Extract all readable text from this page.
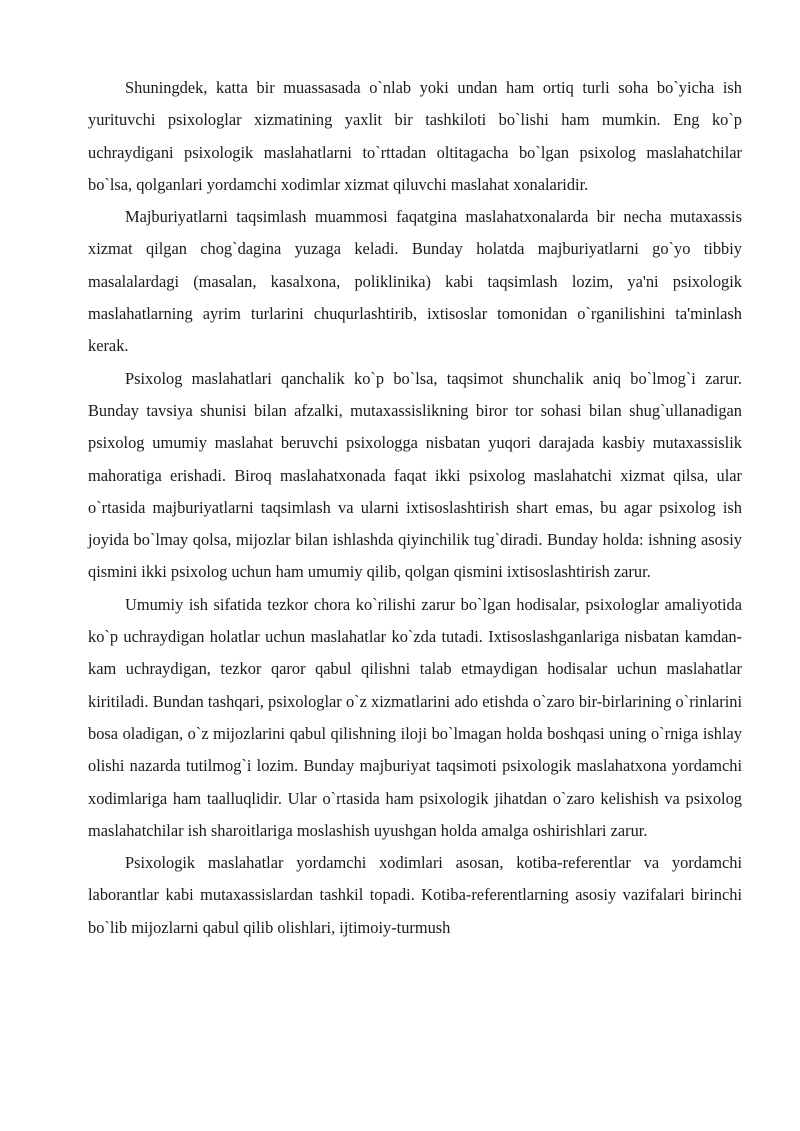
Shuningdek, katta bir muassasada o`nlab yoki undan ham ortiq turli soha bo`yicha ish yurituvchi psixologlar xizmatining yaxlit bir tashkiloti bo`lishi ham mumkin. Eng ko`p uchraydigani psixologik maslahatlarni to`rttadan oltitagacha bo`lgan psixolog maslahatchilar bo`lsa, qolganlari yordamchi xodimlar xizmat qiluvchi maslahat xonalaridir.

Majburiyatlarni taqsimlash muammosi faqatgina maslahatxonalarda bir necha mutaxassis xizmat qilgan chog`dagina yuzaga keladi. Bunday holatda majburiyatlarni go`yo tibbiy masalalardagi (masalan, kasalxona, poliklinika) kabi taqsimlash lozim, ya'ni psixologik maslahatlarning ayrim turlarini chuqurlashtirib, ixtisoslar tomonidan o`rganilishini ta'minlash kerak.

Psixolog maslahatlari qanchalik ko`p bo`lsa, taqsimot shunchalik aniq bo`lmog`i zarur. Bunday tavsiya shunisi bilan afzalki, mutaxassislikning biror tor sohasi bilan shug`ullanadigan psixolog umumiy maslahat beruvchi psixologga nisbatan yuqori darajada kasbiy mutaxassislik mahoratiga erishadi. Biroq maslahatxonada faqat ikki psixolog maslahatchi xizmat qilsa, ular o`rtasida majburiyatlarni taqsimlash va ularni ixtisoslashtirish shart emas, bu agar psixolog ish joyida bo`lmay qolsa, mijozlar bilan ishlashda qiyinchilik tug`diradi. Bunday holda: ishning asosiy qismini ikki psixolog uchun ham umumiy qilib, qolgan qismini ixtisoslashtirish zarur.

Umumiy ish sifatida tezkor chora ko`rilishi zarur bo`lgan hodisalar, psixologlar amaliyotida ko`p uchraydigan holatlar uchun maslahatlar ko`zda tutadi. Ixtisoslashganlariga nisbatan kamdan-kam uchraydigan, tezkor qaror qabul qilishni talab etmaydigan hodisalar uchun maslahatlar kiritiladi. Bundan tashqari, psixologlar o`z xizmatlarini ado etishda o`zaro bir-birlarining o`rinlarini bosa oladigan, o`z mijozlarini qabul qilishning iloji bo`lmagan holda boshqasi uning o`rniga ishlay olishi nazarda tutilmog`i lozim. Bunday majburiyat taqsimoti psixologik maslahatxona yordamchi xodimlariga ham taalluqlidir. Ular o`rtasida ham psixologik jihatdan o`zaro kelishish va psixolog maslahatchilar ish sharoitlariga moslashish uyushgan holda amalga oshirishlari zarur.

Psixologik maslahatlar yordamchi xodimlari asosan, kotiba-referentlar va yordamchi laborantlar kabi mutaxassislardan tashkil topadi. Kotiba-referentlarning asosiy vazifalari birinchi bo`lib mijozlarni qabul qilib olishlari, ijtimoiy-turmush
